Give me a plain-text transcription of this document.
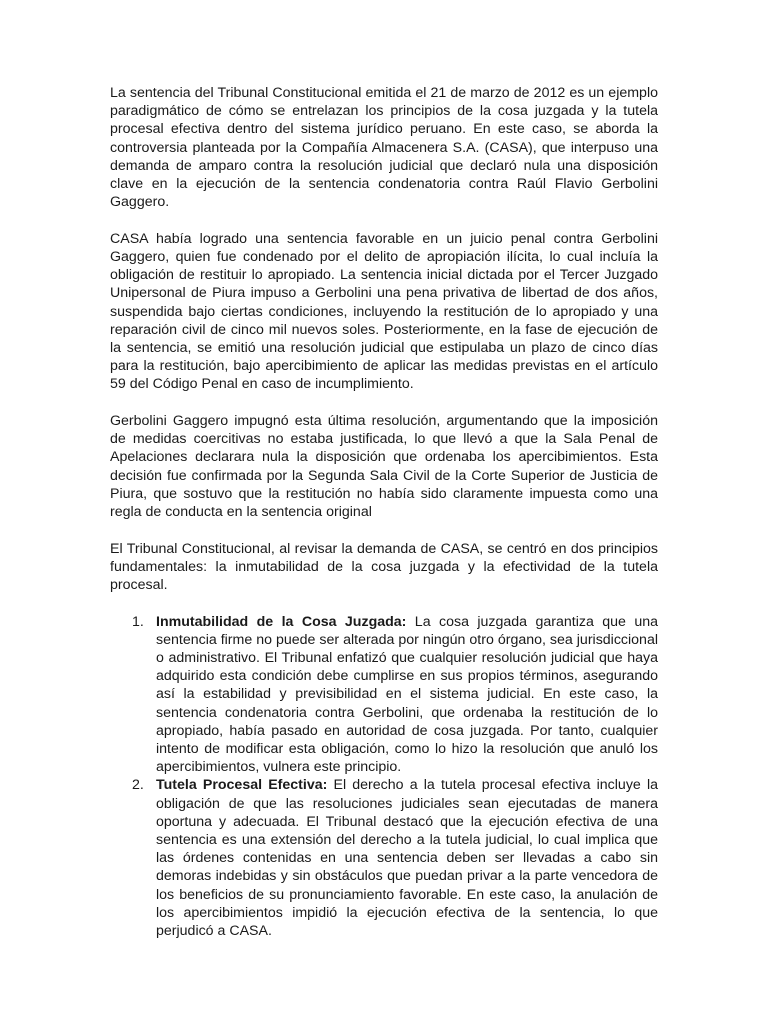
La sentencia del Tribunal Constitucional emitida el 21 de marzo de 2012 es un ejemplo paradigmático de cómo se entrelazan los principios de la cosa juzgada y la tutela procesal efectiva dentro del sistema jurídico peruano. En este caso, se aborda la controversia planteada por la Compañía Almacenera S.A. (CASA), que interpuso una demanda de amparo contra la resolución judicial que declaró nula una disposición clave en la ejecución de la sentencia condenatoria contra Raúl Flavio Gerbolini Gaggero.

CASA había logrado una sentencia favorable en un juicio penal contra Gerbolini Gaggero, quien fue condenado por el delito de apropiación ilícita, lo cual incluía la obligación de restituir lo apropiado. La sentencia inicial dictada por el Tercer Juzgado Unipersonal de Piura impuso a Gerbolini una pena privativa de libertad de dos años, suspendida bajo ciertas condiciones, incluyendo la restitución de lo apropiado y una reparación civil de cinco mil nuevos soles. Posteriormente, en la fase de ejecución de la sentencia, se emitió una resolución judicial que estipulaba un plazo de cinco días para la restitución, bajo apercibimiento de aplicar las medidas previstas en el artículo 59 del Código Penal en caso de incumplimiento.

Gerbolini Gaggero impugnó esta última resolución, argumentando que la imposición de medidas coercitivas no estaba justificada, lo que llevó a que la Sala Penal de Apelaciones declarara nula la disposición que ordenaba los apercibimientos. Esta decisión fue confirmada por la Segunda Sala Civil de la Corte Superior de Justicia de Piura, que sostuvo que la restitución no había sido claramente impuesta como una regla de conducta en la sentencia original

El Tribunal Constitucional, al revisar la demanda de CASA, se centró en dos principios fundamentales: la inmutabilidad de la cosa juzgada y la efectividad de la tutela procesal.

1. Inmutabilidad de la Cosa Juzgada: La cosa juzgada garantiza que una sentencia firme no puede ser alterada por ningún otro órgano, sea jurisdiccional o administrativo. El Tribunal enfatizó que cualquier resolución judicial que haya adquirido esta condición debe cumplirse en sus propios términos, asegurando así la estabilidad y previsibilidad en el sistema judicial. En este caso, la sentencia condenatoria contra Gerbolini, que ordenaba la restitución de lo apropiado, había pasado en autoridad de cosa juzgada. Por tanto, cualquier intento de modificar esta obligación, como lo hizo la resolución que anuló los apercibimientos, vulnera este principio.
2. Tutela Procesal Efectiva: El derecho a la tutela procesal efectiva incluye la obligación de que las resoluciones judiciales sean ejecutadas de manera oportuna y adecuada. El Tribunal destacó que la ejecución efectiva de una sentencia es una extensión del derecho a la tutela judicial, lo cual implica que las órdenes contenidas en una sentencia deben ser llevadas a cabo sin demoras indebidas y sin obstáculos que puedan privar a la parte vencedora de los beneficios de su pronunciamiento favorable. En este caso, la anulación de los apercibimientos impidió la ejecución efectiva de la sentencia, lo que perjudicó a CASA.
